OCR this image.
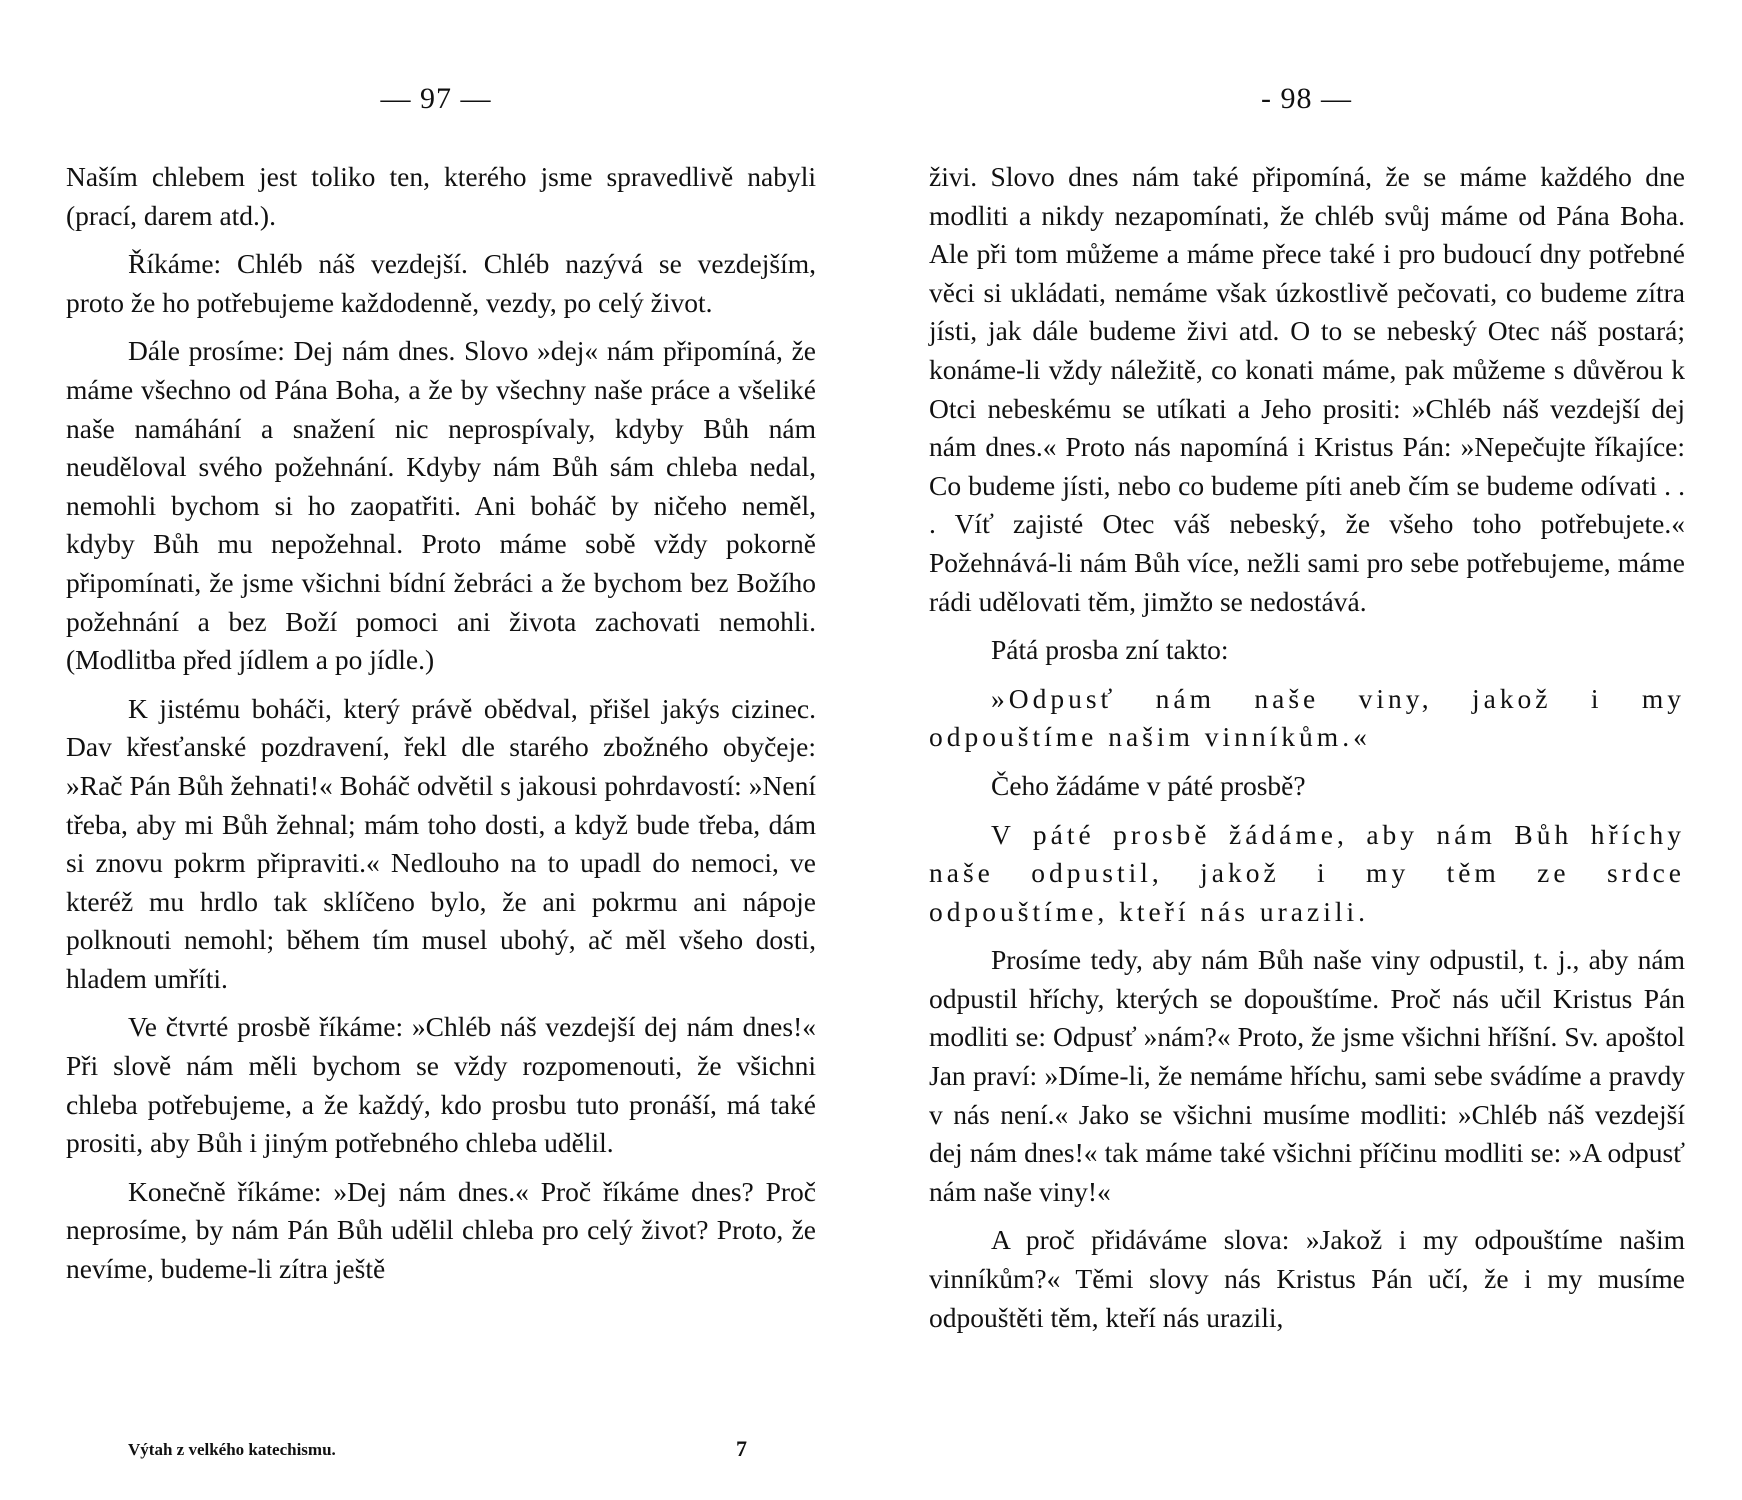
— 97 —

Naším chlebem jest toliko ten, kterého jsme spravedlivě nabyli (prací, darem atd.).

Říkáme: Chléb náš vezdejší. Chléb nazývá se vezdejším, proto že ho potřebujeme každodenně, vezdy, po celý život.

Dále prosíme: Dej nám dnes. Slovo »dej« nám připomíná, že máme všechno od Pána Boha, a že by všechny naše práce a všeliké naše namáhání a snažení nic neprospívaly, kdyby Bůh nám neuděloval svého požehnání. Kdyby nám Bůh sám chleba nedal, nemohli bychom si ho zaopatřiti. Ani boháč by ničeho neměl, kdyby Bůh mu nepožehnal. Proto máme sobě vždy pokorně připomínati, že jsme všichni bídní žebráci a že bychom bez Božího požehnání a bez Boží pomoci ani života zachovati nemohli. (Modlitba před jídlem a po jídle.)

K jistému boháči, který právě obědval, přišel jakýs cizinec. Dav křesťanské pozdravení, řekl dle starého zbožného obyčeje: »Rač Pán Bůh žehnati!« Boháč odvětil s jakousi pohrdavostí: »Není třeba, aby mi Bůh žehnal; mám toho dosti, a když bude třeba, dám si znovu pokrm připraviti.« Nedlouho na to upadl do nemoci, ve kteréž mu hrdlo tak sklíčeno bylo, že ani pokrmu ani nápoje polknouti nemohl; během tím musel ubohý, ač měl všeho dosti, hladem umříti.

Ve čtvrté prosbě říkáme: »Chléb náš vezdejší dej nám dnes!« Při slově nám měli bychom se vždy rozpomenouti, že všichni chleba potřebujeme, a že každý, kdo prosbu tuto pronáší, má také prositi, aby Bůh i jiným potřebného chleba udělil.

Konečně říkáme: »Dej nám dnes.« Proč říkáme dnes? Proč neprosíme, by nám Pán Bůh udělil chleba pro celý život? Proto, že nevíme, budeme-li zítra ještě

Výtah z velkého katechismu.	7
- 98 —

živi. Slovo dnes nám také připomíná, že se máme každého dne modliti a nikdy nezapomínati, že chléb svůj máme od Pána Boha. Ale při tom můžeme a máme přece také i pro budoucí dny potřebné věci si ukládati, nemáme však úzkostlivě pečovati, co budeme zítra jísti, jak dále budeme živi atd. O to se nebeský Otec náš postará; konáme-li vždy náležitě, co konati máme, pak můžeme s důvěrou k Otci nebeskému se utíkati a Jeho prositi: »Chléb náš vezdejší dej nám dnes.« Proto nás napomíná i Kristus Pán: »Nepečujte říkajíce: Co budeme jísti, nebo co budeme píti aneb čím se budeme odívati . . . Víť zajisté Otec váš nebeský, že všeho toho potřebujete.« Požehnává-li nám Bůh více, nežli sami pro sebe potřebujeme, máme rádi udělovati těm, jimžto se nedostává.

Pátá prosba zní takto:

»Odpusť nám naše viny, jakož i my odpouštíme našim vinníkům.«

Čeho žádáme v páté prosbě?

V páté prosbě žádáme, aby nám Bůh hříchy naše odpustil, jakož i my těm ze srdce odpouštíme, kteří nás urazili.

Prosíme tedy, aby nám Bůh naše viny odpustil, t. j., aby nám odpustil hříchy, kterých se dopouštíme. Proč nás učil Kristus Pán modliti se: Odpusť »nám?« Proto, že jsme všichni hříšní. Sv. apoštol Jan praví: »Díme-li, že nemáme hříchu, sami sebe svádíme a pravdy v nás není.« Jako se všichni musíme modliti: »Chléb náš vezdejší dej nám dnes!« tak máme také všichni příčinu modliti se: »A odpusť nám naše viny!«

A proč přidáváme slova: »Jakož i my odpouštíme našim vinníkům?« Těmi slovy nás Kristus Pán učí, že i my musíme odpouštěti těm, kteří nás urazili,
